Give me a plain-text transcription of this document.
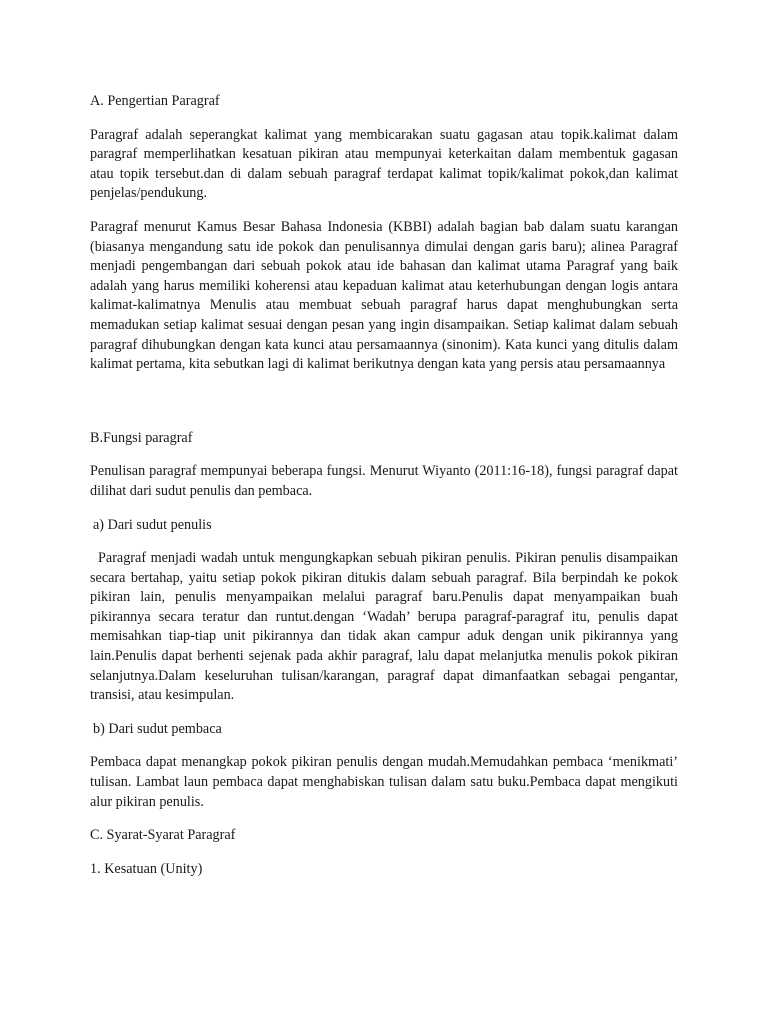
A. Pengertian Paragraf

Paragraf adalah seperangkat kalimat yang membicarakan suatu gagasan atau topik.kalimat dalam paragraf memperlihatkan kesatuan pikiran atau mempunyai keterkaitan dalam membentuk gagasan atau topik tersebut.dan di dalam sebuah paragraf terdapat kalimat topik/kalimat pokok,dan kalimat penjelas/pendukung.

Paragraf menurut Kamus Besar Bahasa Indonesia (KBBI) adalah bagian bab dalam suatu karangan (biasanya mengandung satu ide pokok dan penulisannya dimulai dengan garis baru); alinea Paragraf menjadi pengembangan dari sebuah pokok atau ide bahasan dan kalimat utama Paragraf yang baik adalah yang harus memiliki koherensi atau kepaduan kalimat atau keterhubungan dengan logis antara kalimat-kalimatnya Menulis atau membuat sebuah paragraf harus dapat menghubungkan serta memadukan setiap kalimat sesuai dengan pesan yang ingin disampaikan. Setiap kalimat dalam sebuah paragraf dihubungkan dengan kata kunci atau persamaannya (sinonim). Kata kunci yang ditulis dalam kalimat pertama, kita sebutkan lagi di kalimat berikutnya dengan kata yang persis atau persamaannya

B.Fungsi paragraf

Penulisan paragraf mempunyai beberapa fungsi. Menurut Wiyanto (2011:16-18), fungsi paragraf dapat dilihat dari sudut penulis dan pembaca.

a) Dari sudut penulis

Paragraf menjadi wadah untuk mengungkapkan sebuah pikiran penulis. Pikiran penulis disampaikan secara bertahap, yaitu setiap pokok pikiran ditukis dalam sebuah paragraf. Bila berpindah ke pokok pikiran lain, penulis menyampaikan melalui paragraf baru.Penulis dapat menyampaikan buah pikirannya secara teratur dan runtut.dengan ‘Wadah’ berupa paragraf-paragraf itu, penulis dapat memisahkan tiap-tiap unit pikirannya dan tidak akan campur aduk dengan unik pikirannya yang lain.Penulis dapat berhenti sejenak pada akhir paragraf, lalu dapat melanjutka menulis pokok pikiran selanjutnya.Dalam keseluruhan tulisan/karangan, paragraf dapat dimanfaatkan sebagai pengantar, transisi, atau kesimpulan.

b) Dari sudut pembaca

Pembaca dapat menangkap pokok pikiran penulis dengan mudah.Memudahkan pembaca ‘menikmati’ tulisan. Lambat laun pembaca dapat menghabiskan tulisan dalam satu buku.Pembaca dapat mengikuti alur pikiran penulis.

C. Syarat-Syarat Paragraf

1. Kesatuan (Unity)
